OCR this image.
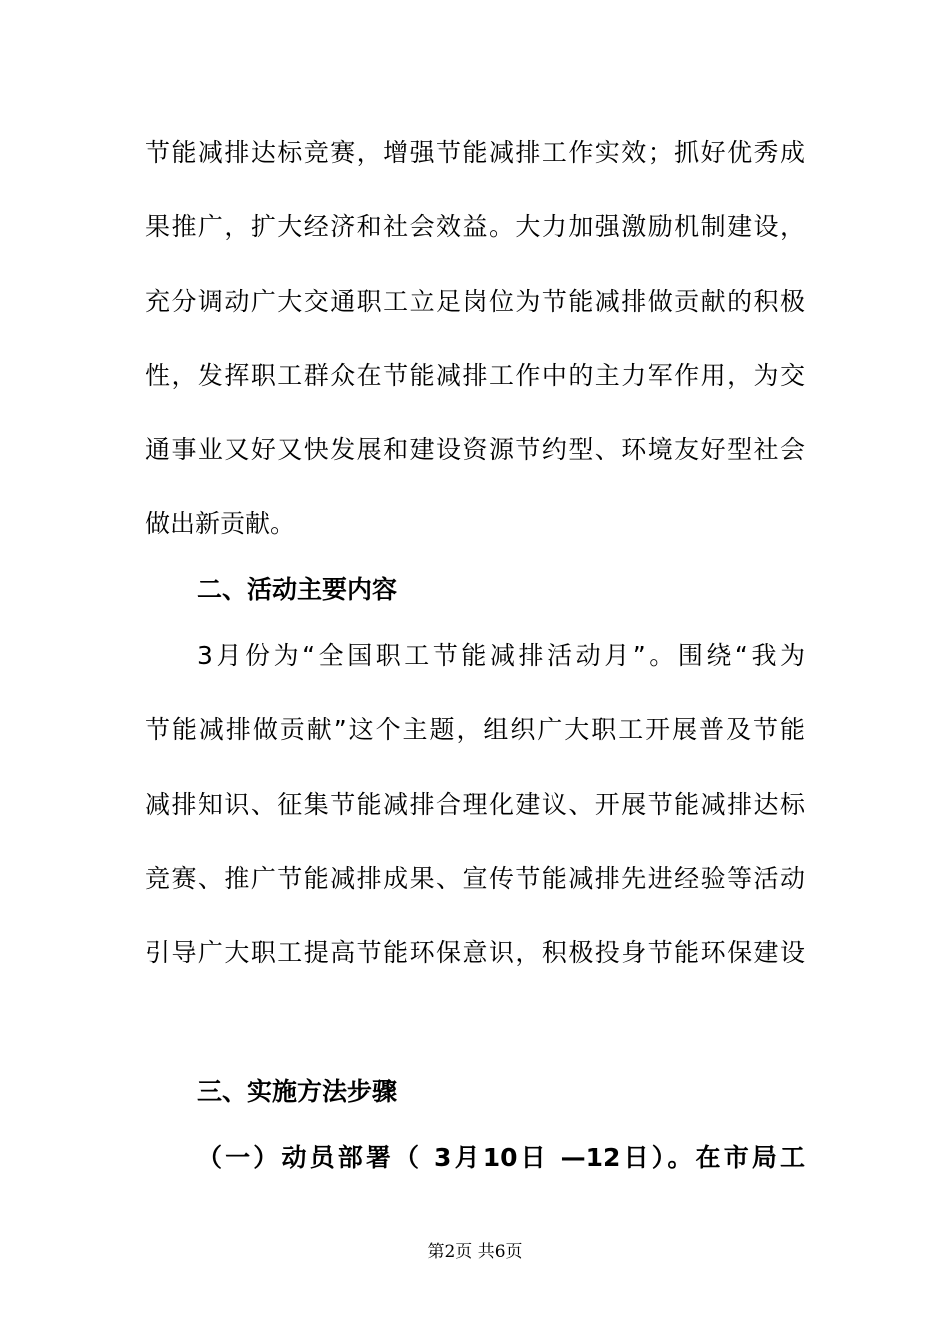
节能减排达标竞赛，增强节能减排工作实效；抓好优秀成
果推广，扩大经济和社会效益。大力加强激励机制建设，
充分调动广大交通职工立足岗位为节能减排做贡献的积极
性，发挥职工群众在节能减排工作中的主力军作用，为交
通事业又好又快发展和建设资源节约型、环境友好型社会
做出新贡献。
二、活动主要内容
3月份为“全国职工节能减排活动月”。围绕“我为
节能减排做贡献”这个主题，组织广大职工开展普及节能
减排知识、征集节能减排合理化建议、开展节能减排达标
竞赛、推广节能减排成果、宣传节能减排先进经验等活动
引导广大职工提高节能环保意识，积极投身节能环保建设
三、实施方法步骤
（一）动员部署（ 3月10日 —12日）。在市局工
第2页 共6页
